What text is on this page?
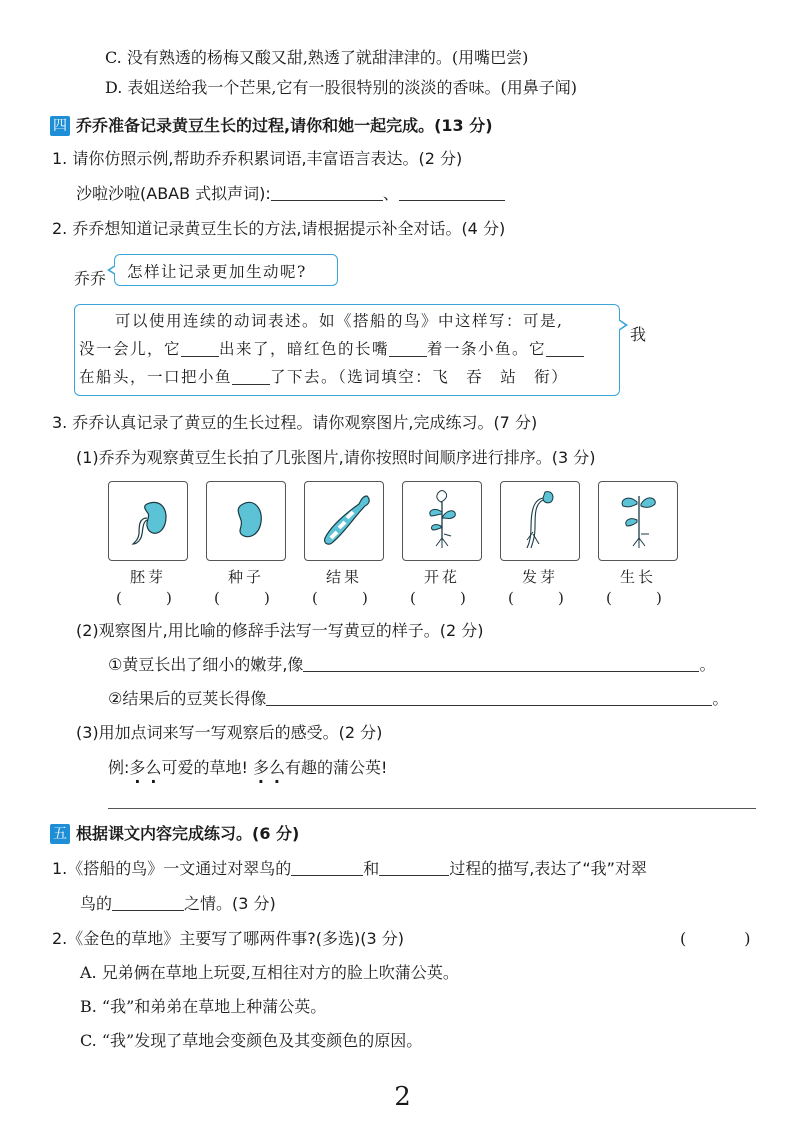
C. 没有熟透的杨梅又酸又甜,熟透了就甜津津的。(用嘴巴尝)
D. 表姐送给我一个芒果,它有一股很特别的淡淡的香味。(用鼻子闻)
四 乔乔准备记录黄豆生长的过程,请你和她一起完成。(13 分)
1. 请你仿照示例,帮助乔乔积累词语,丰富语言表达。(2 分)
沙啦沙啦(ABAB 式拟声词):	、
2. 乔乔想知道记录黄豆生长的方法,请根据提示补全对话。(4 分)
乔乔	怎样让记录更加生动呢?

可以使用连续的动词表述。如《搭船的鸟》中这样写：可是,

没一会儿，它 出来了，暗红色的长嘴 着一条小鱼。它

在船头，一口把小鱼 了下去。（选词填空：飞　吞　站　衔）

我
3. 乔乔认真记录了黄豆的生长过程。请你观察图片,完成练习。(7 分)
(1)乔乔为观察黄豆生长拍了几张图片,请你按照时间顺序进行排序。(3 分)
胚芽	种子	结果	开花	发芽	生长
(	)	(	)	(	)	(	)	(	)	(	)
(2)观察图片,用比喻的修辞手法写一写黄豆的样子。(2 分)
①黄豆长出了细小的嫩芽,像	。
②结果后的豆荚长得像	。
(3)用加点词来写一写观察后的感受。(2 分)
例:多么可爱的草地! 多么有趣的蒲公英!
五 根据课文内容完成练习。(6 分)
1.《搭船的鸟》一文通过对翠鸟的	和	过程的描写,表达了“我”对翠
鸟的	之情。(3 分)
2.《金色的草地》主要写了哪两件事?(多选)(3 分)	(	)
A. 兄弟俩在草地上玩耍,互相往对方的脸上吹蒲公英。
B. “我”和弟弟在草地上种蒲公英。
C. “我”发现了草地会变颜色及其变颜色的原因。
2
